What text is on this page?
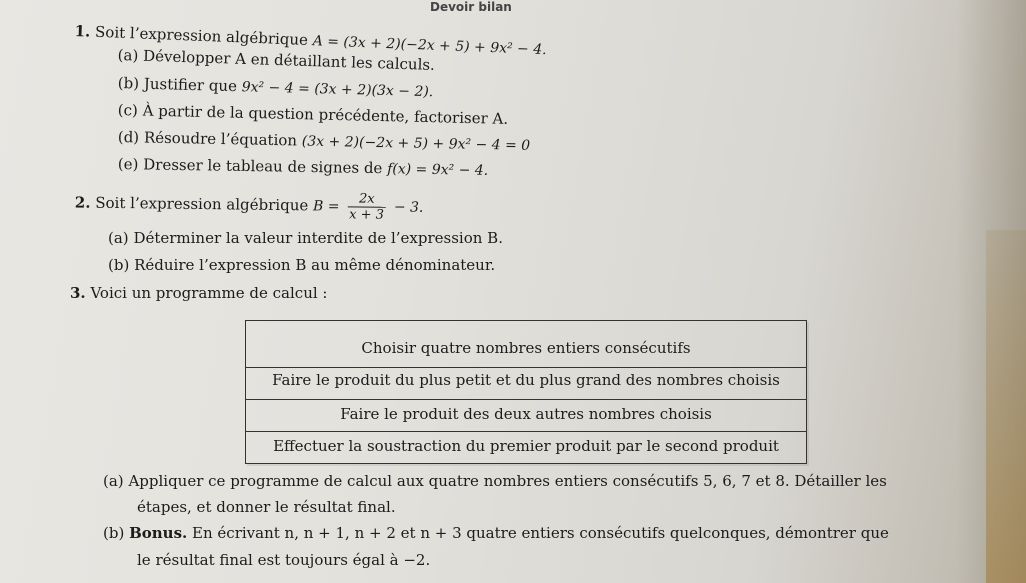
Devoir bilan
1. Soit l’expression algébrique A = (3x + 2)(−2x + 5) + 9x² − 4.
(a) Développer A en détaillant les calculs.
(b) Justifier que 9x² − 4 = (3x + 2)(3x − 2).
(c) À partir de la question précédente, factoriser A.
(d) Résoudre l’équation (3x + 2)(−2x + 5) + 9x² − 4 = 0
(e) Dresser le tableau de signes de f(x) = 9x² − 4.
2. Soit l’expression algébrique $B = \frac{2x}{x + 3} - 3$.
(a) Déterminer la valeur interdite de l’expression B.
(b) Réduire l’expression B au même dénominateur.
3. Voici un programme de calcul :
Choisir quatre nombres entiers consécutifs
Faire le produit du plus petit et du plus grand des nombres choisis
Faire le produit des deux autres nombres choisis
Effectuer la soustraction du premier produit par le second produit
(a) Appliquer ce programme de calcul aux quatre nombres entiers consécutifs 5, 6, 7 et 8. Détailler les
étapes, et donner le résultat final.
(b) Bonus. En écrivant n, n + 1, n + 2 et n + 3 quatre entiers consécutifs quelconques, démontrer que
le résultat final est toujours égal à −2.
